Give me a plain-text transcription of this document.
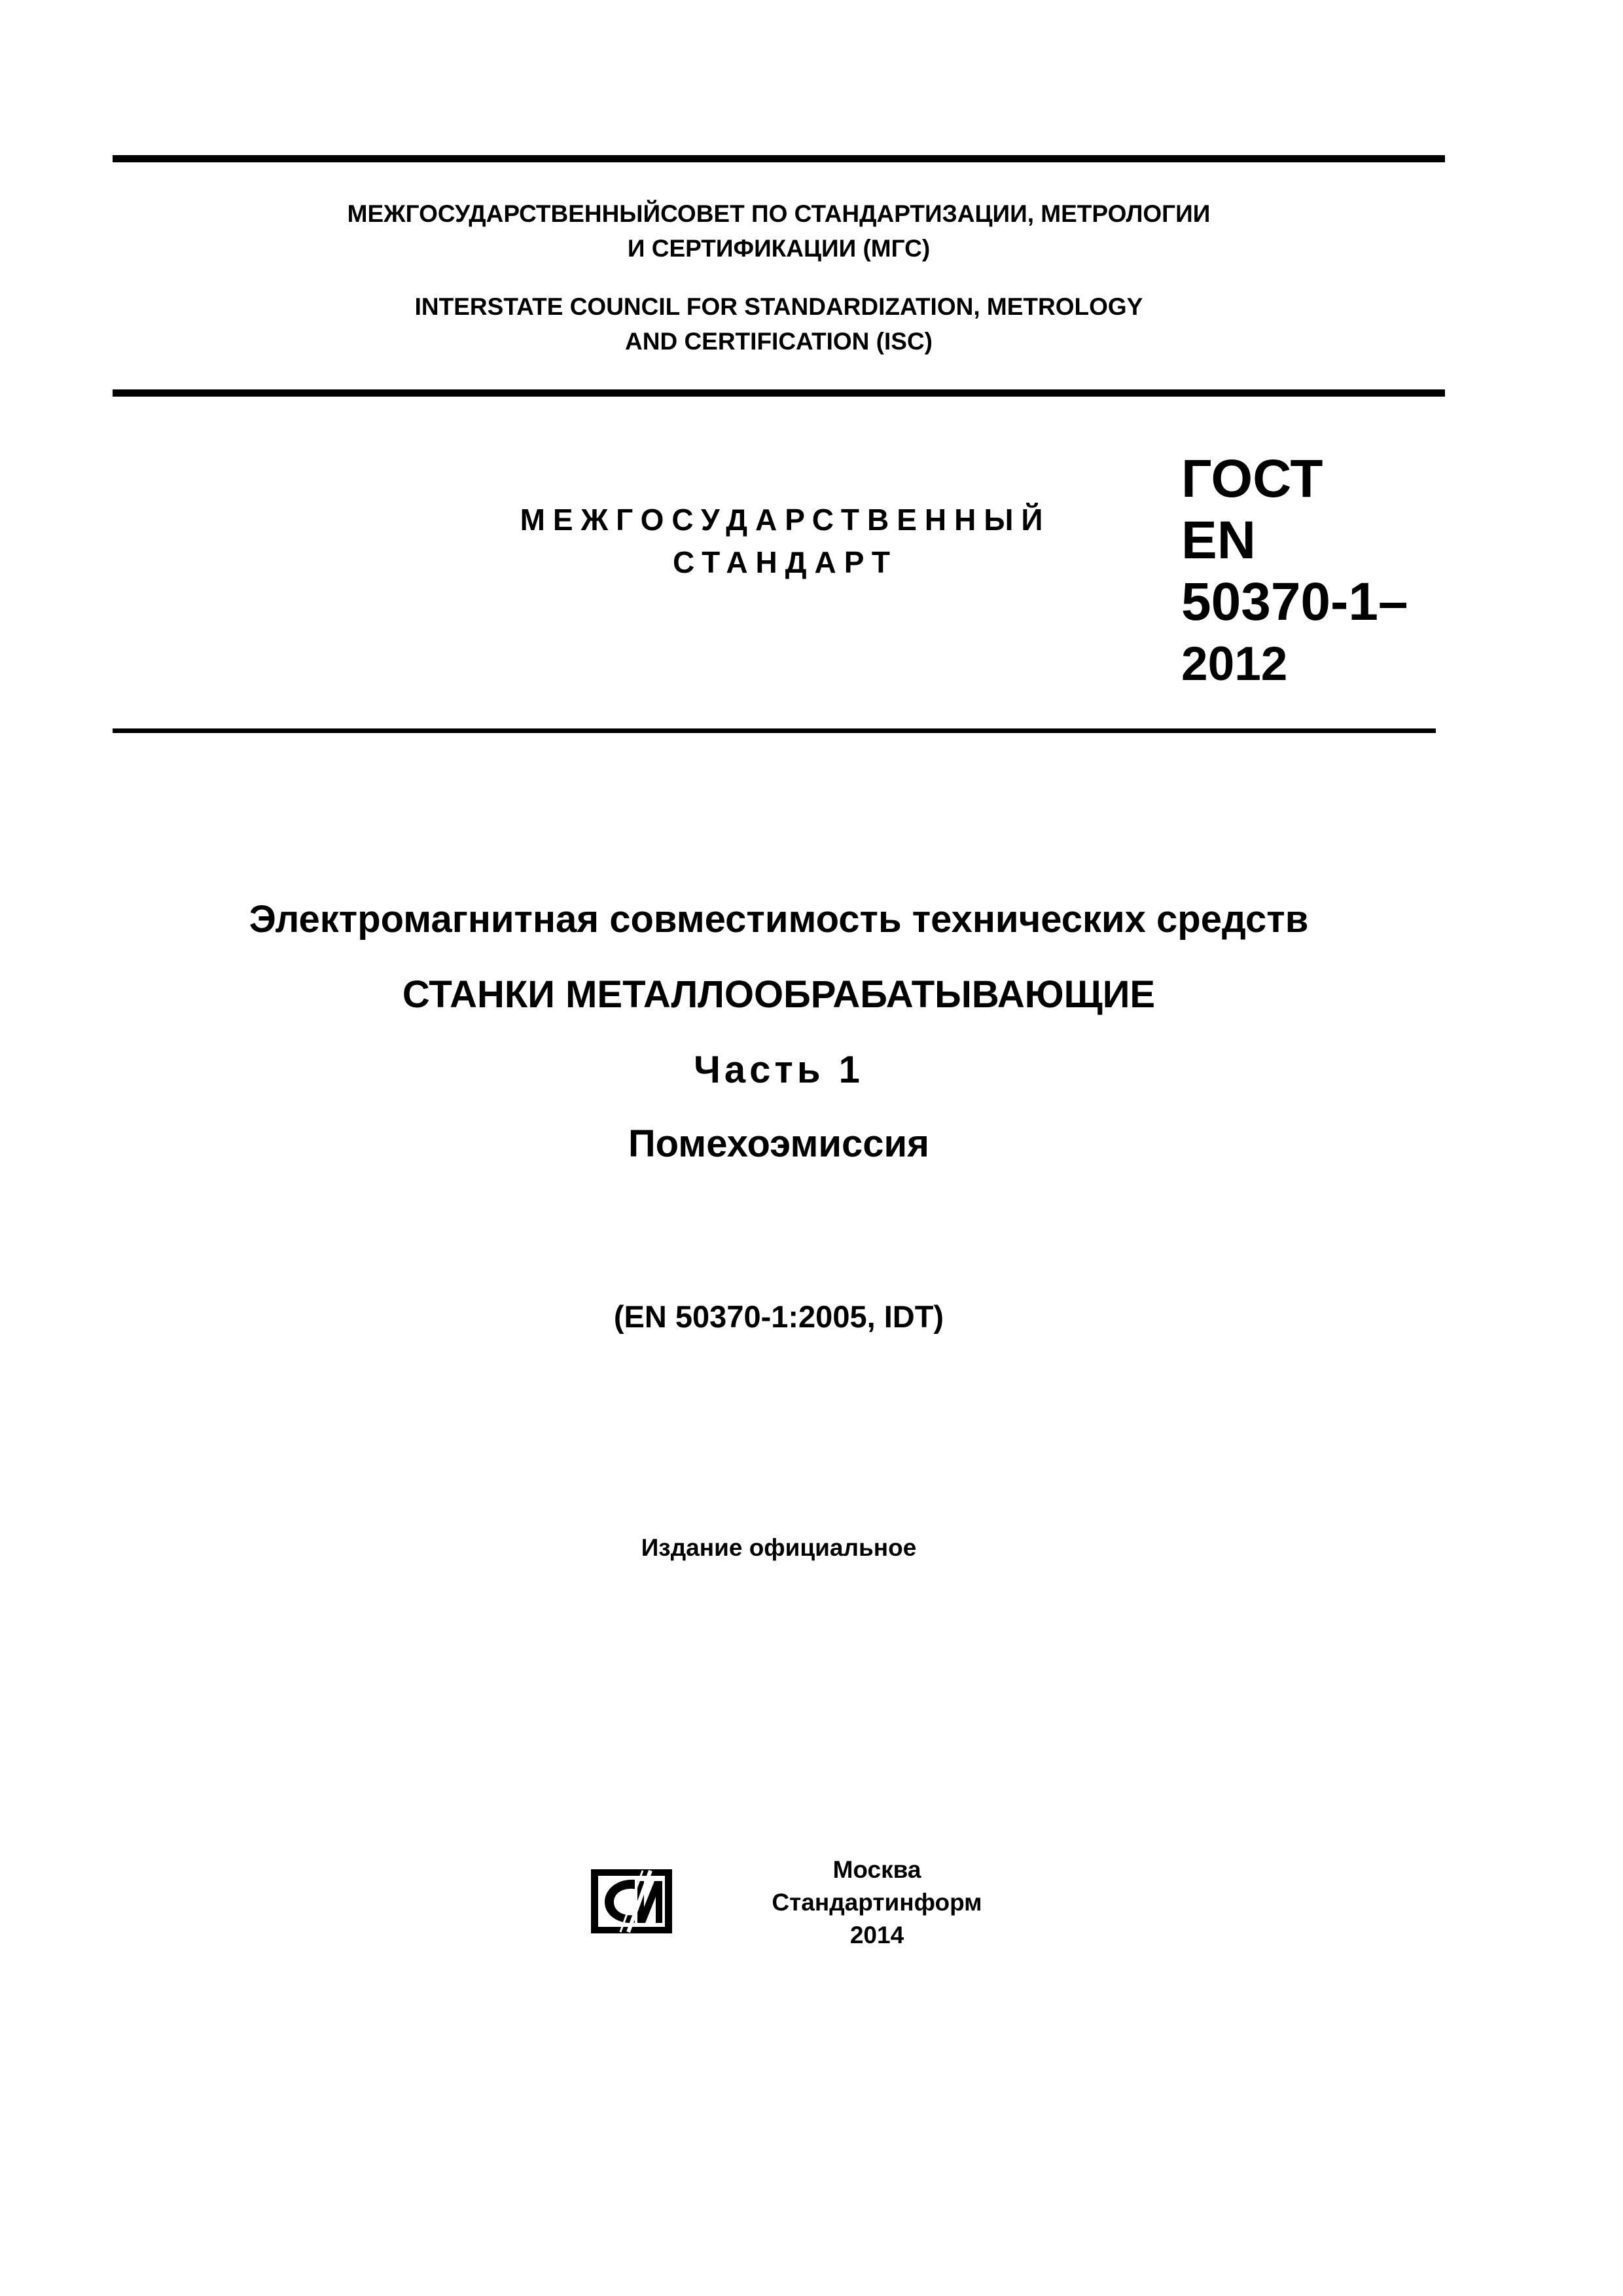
МЕЖГОСУДАРСТВЕННЫЙСОВЕТ ПО СТАНДАРТИЗАЦИИ, МЕТРОЛОГИИ
И СЕРТИФИКАЦИИ (МГС)
INTERSTATE COUNCIL FOR STANDARDIZATION, METROLOGY
AND CERTIFICATION (ISC)
МЕЖГОСУДАРСТВЕННЫЙ
СТАНДАРТ
ГОСТ
EN
50370-1–
2012
Электромагнитная совместимость технических средств
СТАНКИ МЕТАЛЛООБРАБАТЫВАЮЩИЕ
Часть 1
Помехоэмиссия
(EN 50370-1:2005, IDT)
Издание официальное
Москва
Стандартинформ
2014
